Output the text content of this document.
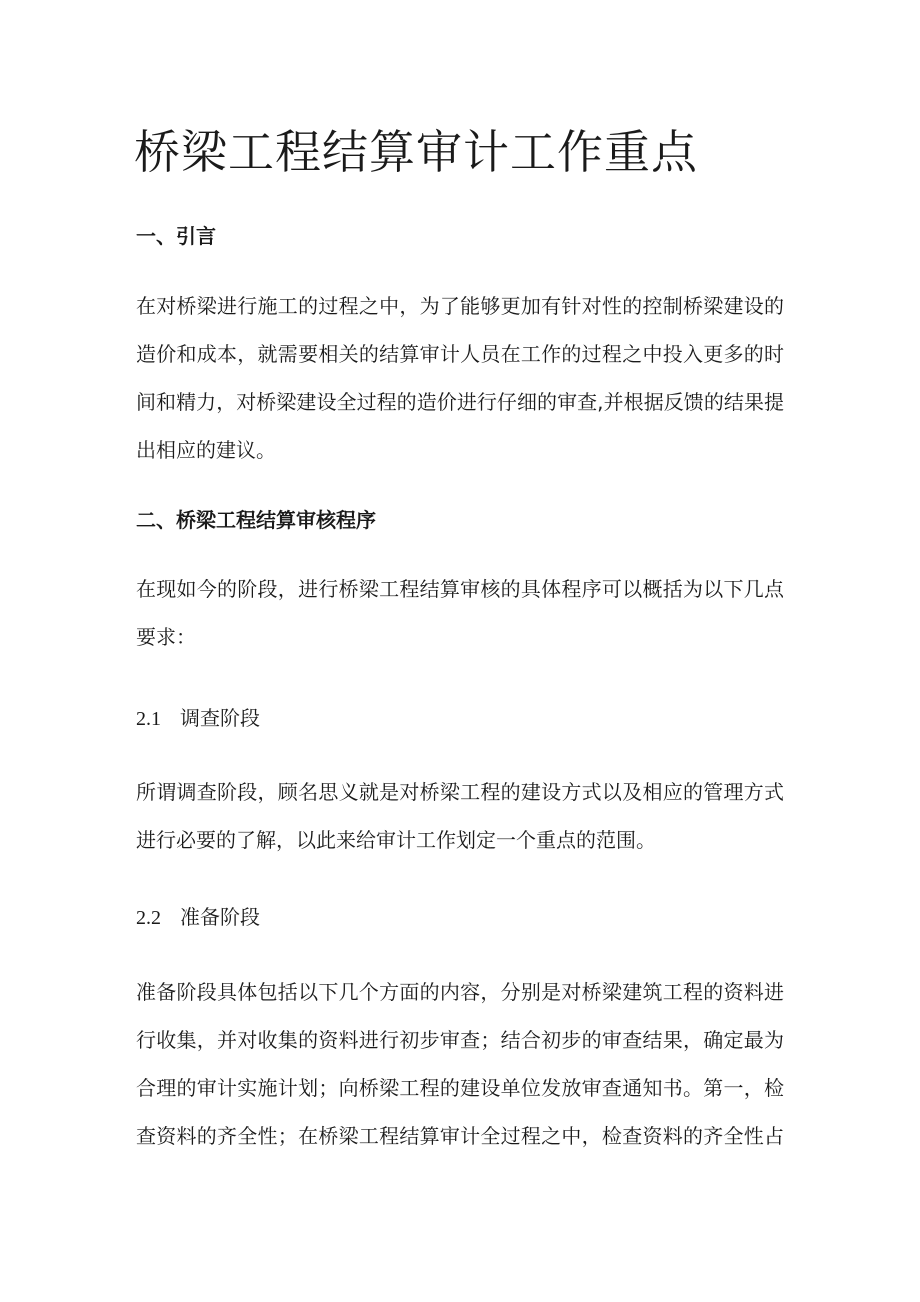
桥梁工程结算审计工作重点
一、引言
在对桥梁进行施工的过程之中，为了能够更加有针对性的控制桥梁建设的
造价和成本，就需要相关的结算审计人员在工作的过程之中投入更多的时
间和精力，对桥梁建设全过程的造价进行仔细的审查,并根据反馈的结果提
出相应的建议。
二、桥梁工程结算审核程序
在现如今的阶段，进行桥梁工程结算审核的具体程序可以概括为以下几点
要求：
2.1 调查阶段
所谓调查阶段，顾名思义就是对桥梁工程的建设方式以及相应的管理方式
进行必要的了解，以此来给审计工作划定一个重点的范围。
2.2 准备阶段
准备阶段具体包括以下几个方面的内容，分别是对桥梁建筑工程的资料进
行收集，并对收集的资料进行初步审查；结合初步的审查结果，确定最为
合理的审计实施计划；向桥梁工程的建设单位发放审查通知书。第一，检
查资料的齐全性；在桥梁工程结算审计全过程之中，检查资料的齐全性占
